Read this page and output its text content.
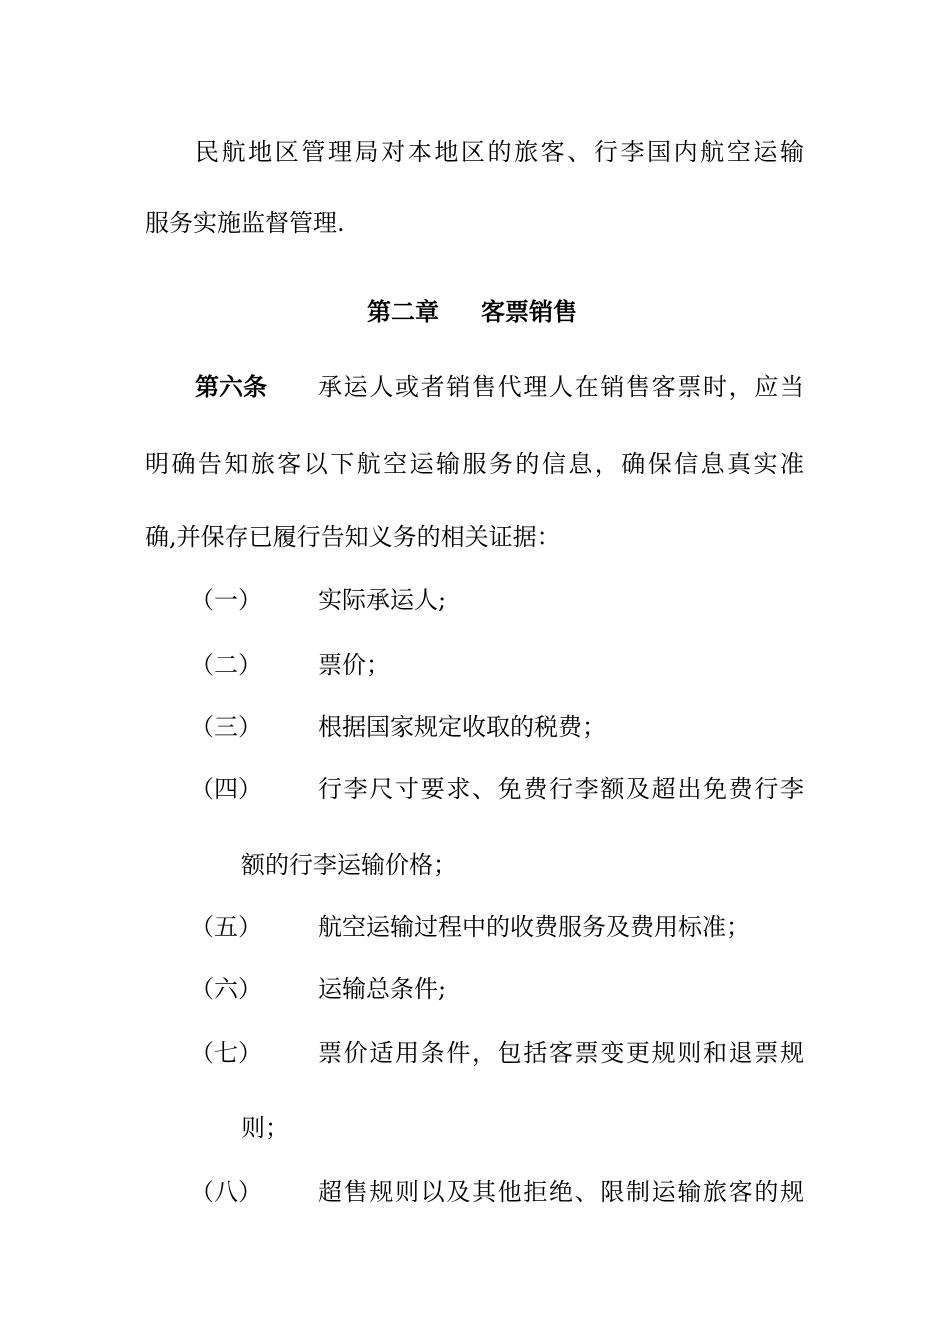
民航地区管理局对本地区的旅客、行李国内航空运输
服务实施监督管理.
第二章 客票销售
第六条 承运人或者销售代理人在销售客票时，应当
明确告知旅客以下航空运输服务的信息，确保信息真实准
确,并保存已履行告知义务的相关证据：
（一） 实际承运人;
（二） 票价；
（三） 根据国家规定收取的税费；
（四） 行李尺寸要求、免费行李额及超出免费行李
额的行李运输价格；
（五） 航空运输过程中的收费服务及费用标准；
（六） 运输总条件;
（七） 票价适用条件，包括客票变更规则和退票规
则；
（八） 超售规则以及其他拒绝、限制运输旅客的规
